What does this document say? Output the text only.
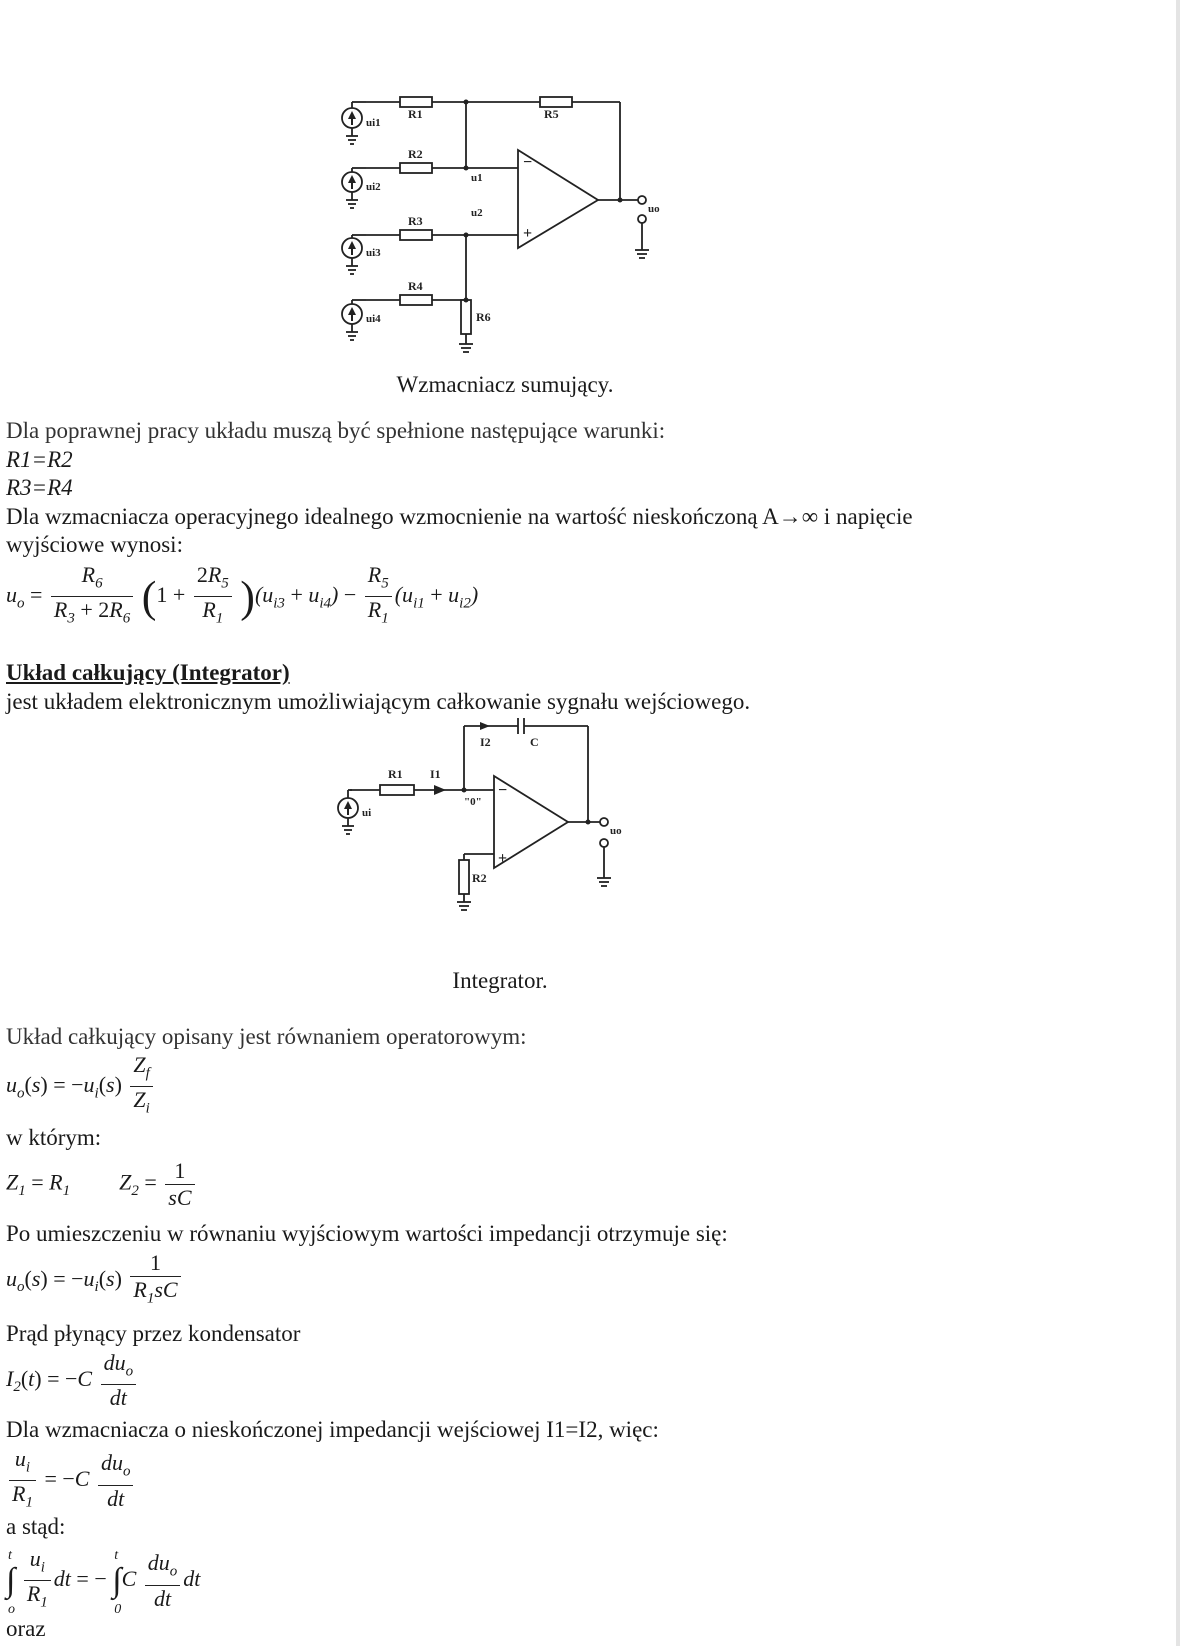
R1	R5
R2
R3
R4
R6
ui1
ui2
ui3
ui4
u1
u2	uo
−
+
Wzmacniacz sumujący.
Dla poprawnej pracy układu muszą być spełnione następujące warunki:
R1=R2
R3=R4
Dla wzmacniacza operacyjnego idealnego wzmocnienie na wartość nieskończoną A→∞ i napięcie
wyjściowe wynosi:
$u_o = \frac{R_6}{R_3 + 2R_6} (1 + \frac{2R_5}{R_1} )(u_{i3} + u_{i4}) - \frac{R_5}{R_1} (u_{i1} + u_{i2})$
Układ całkujący (Integrator)
jest układem elektronicznym umożliwiającym całkowanie sygnału wejściowego.
I2	C
R1 I1
"0"
R2
ui
uo
−
+
Integrator.
Układ całkujący opisany jest równaniem operatorowym:
$u_o(s) = -u_i(s) \frac{Z_f}{Z_i}$
w którym:
$Z_1 = R_1$  $Z_2 = \frac{1}{sC}$
Po umieszczeniu w równaniu wyjściowym wartości impedancji otrzymuje się:
$u_o(s) = -u_i(s) \frac{1}{R_1sC}$
Prąd płynący przez kondensator
$I_2(t) = -C \frac{du_o}{dt}$
Dla wzmacniacza o nieskończonej impedancji wejściowej I1=I2, więc:
$\frac{u_i}{R_1} = -C \frac{du_o}{dt}$
a stąd:
∫
t
o
$\frac{u_i}{R_1}$ dt = − ∫
t
0
C $\frac{du_o}{dt}$ dt
oraz
